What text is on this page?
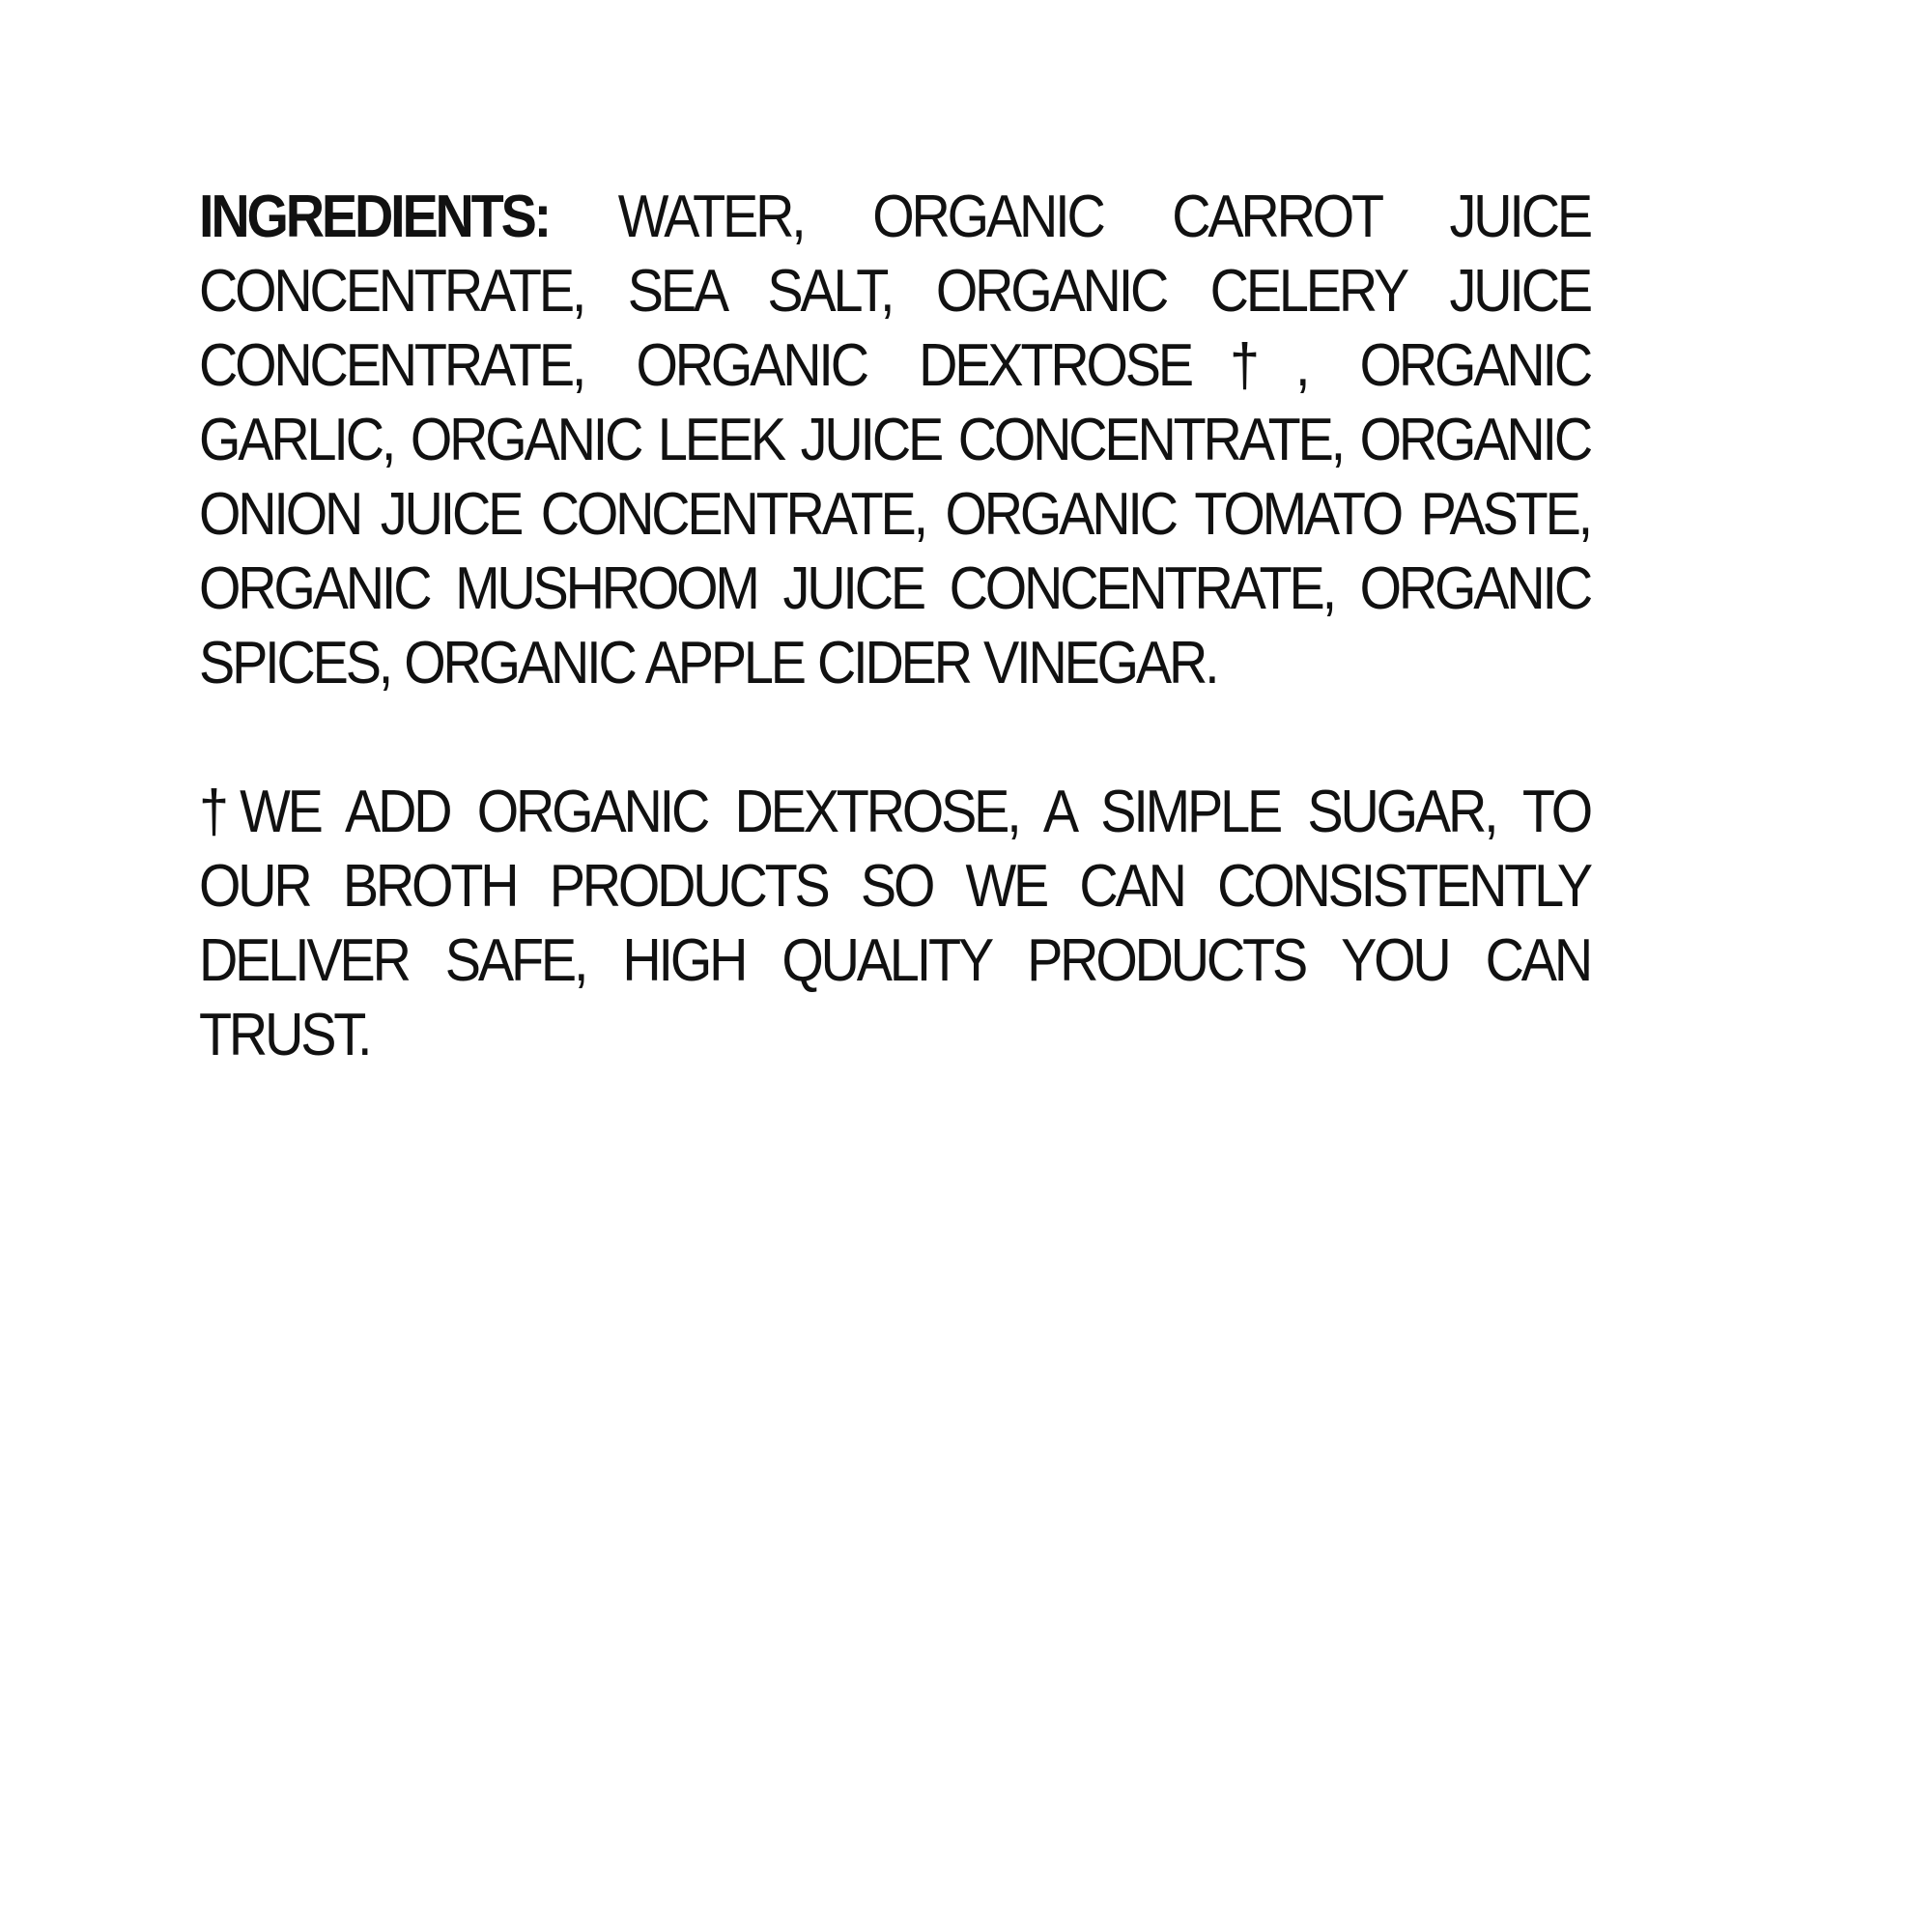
INGREDIENTS: WATER, ORGANIC CARROT JUICE CONCENTRATE, SEA SALT, ORGANIC CELERY JUICE CONCENTRATE, ORGANIC DEXTROSE†, ORGANIC GARLIC, ORGANIC LEEK JUICE CONCENTRATE, ORGANIC ONION JUICE CONCENTRATE, ORGANIC TOMATO PASTE, ORGANIC MUSHROOM JUICE CONCENTRATE, ORGANIC SPICES, ORGANIC APPLE CIDER VINEGAR.

†WE ADD ORGANIC DEXTROSE, A SIMPLE SUGAR, TO OUR BROTH PRODUCTS SO WE CAN CONSISTENTLY DELIVER SAFE, HIGH QUALITY PRODUCTS YOU CAN TRUST.
